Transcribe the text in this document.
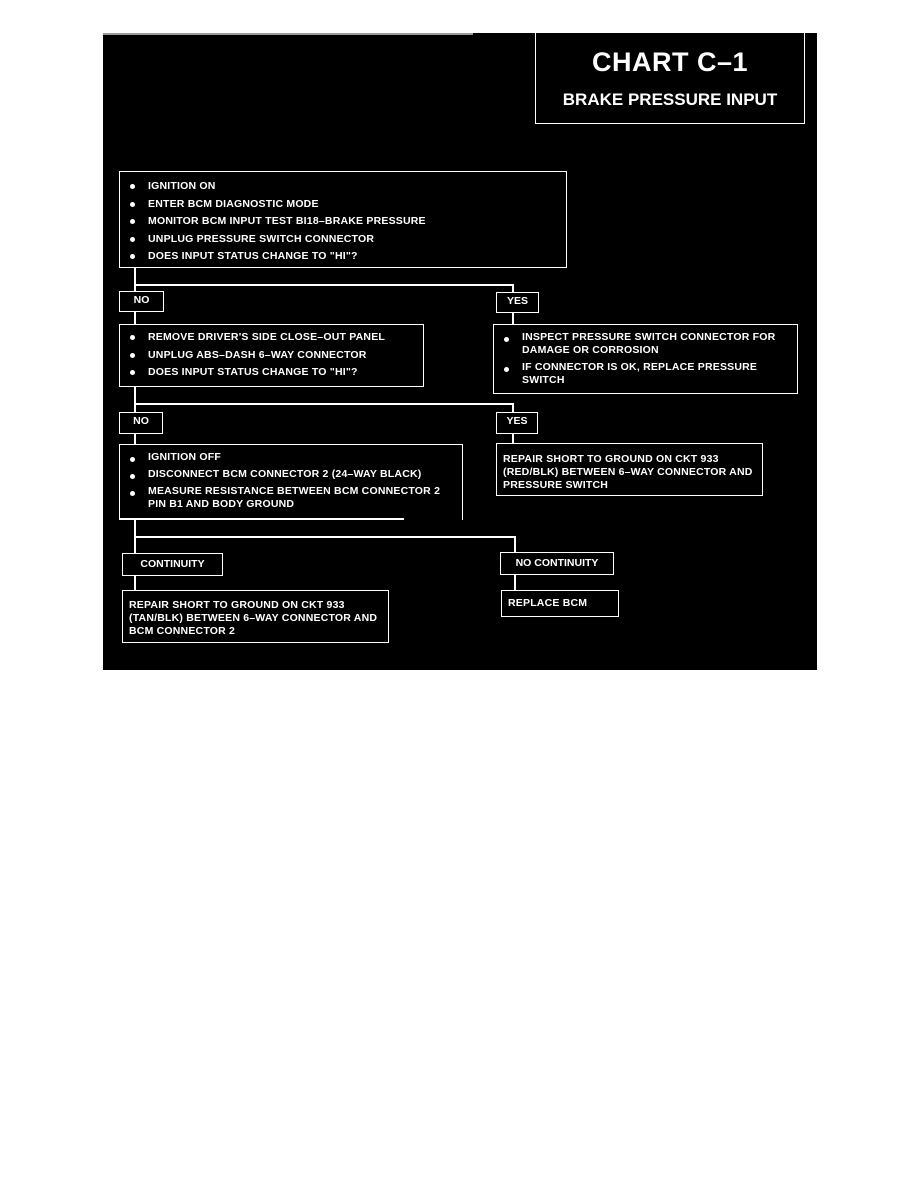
CHART C–1
BRAKE PRESSURE INPUT
IGNITION ON
ENTER BCM DIAGNOSTIC MODE
MONITOR BCM INPUT TEST BI18–BRAKE PRESSURE
UNPLUG PRESSURE SWITCH CONNECTOR
DOES INPUT STATUS CHANGE TO "HI"?
NO	YES
REMOVE DRIVER'S SIDE CLOSE–OUT PANEL
UNPLUG ABS–DASH 6–WAY CONNECTOR
DOES INPUT STATUS CHANGE TO "HI"?
INSPECT PRESSURE SWITCH CONNECTOR FOR DAMAGE OR CORROSION
IF CONNECTOR IS OK, REPLACE PRESSURE SWITCH
NO	YES
IGNITION OFF
DISCONNECT BCM CONNECTOR 2 (24–WAY BLACK)
MEASURE RESISTANCE BETWEEN BCM CONNECTOR 2 PIN B1 AND BODY GROUND
REPAIR SHORT TO GROUND ON CKT 933 (RED/BLK) BETWEEN 6–WAY CONNECTOR AND PRESSURE SWITCH
CONTINUITY	NO CONTINUITY
REPAIR SHORT TO GROUND ON CKT 933 (TAN/BLK) BETWEEN 6–WAY CONNECTOR AND BCM CONNECTOR 2
REPLACE BCM
